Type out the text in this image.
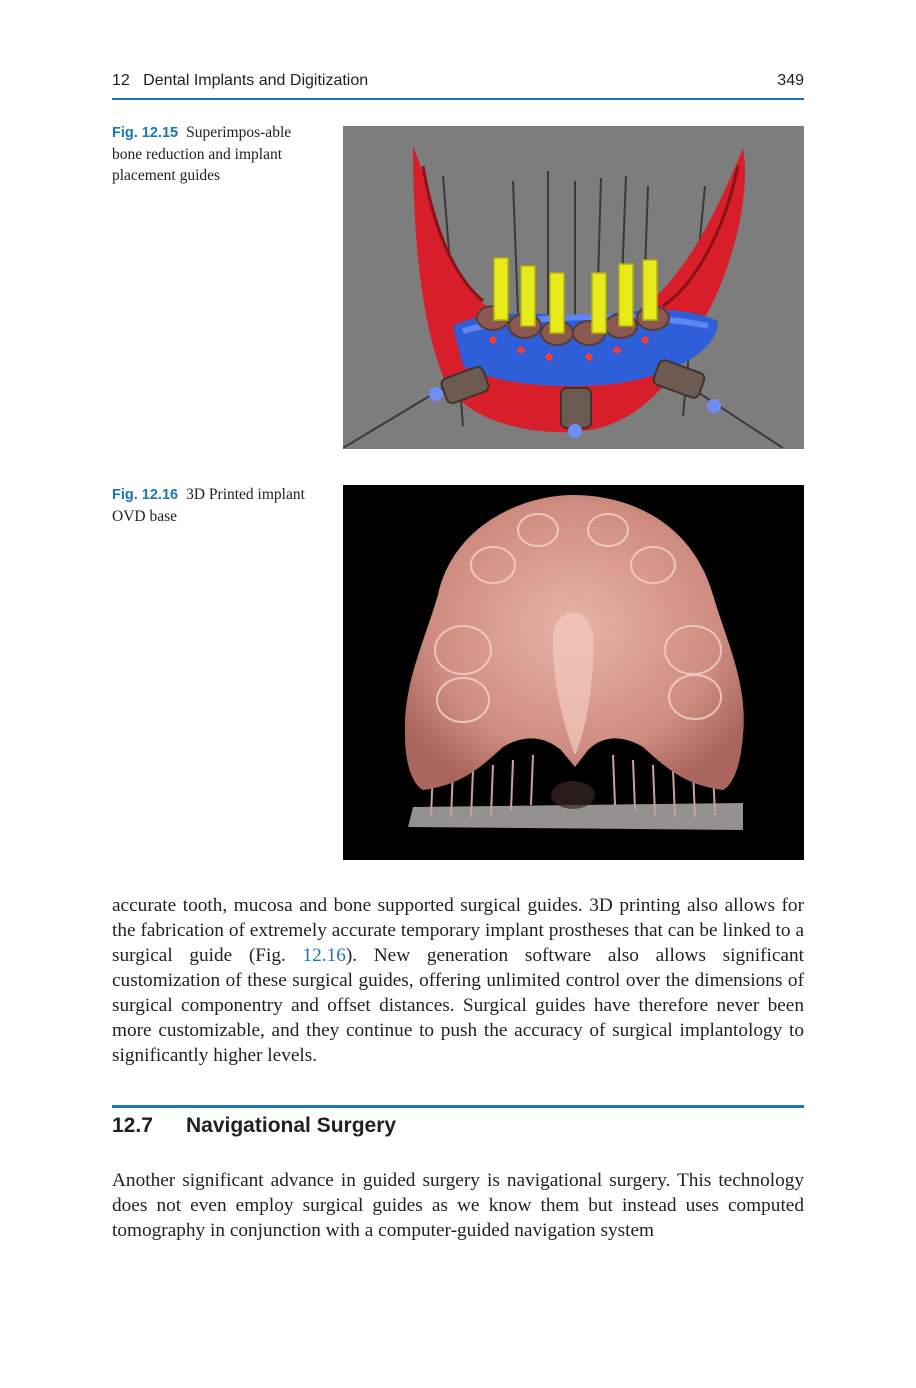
12   Dental Implants and Digitization	349
Fig. 12.15 Superimpos-able bone reduction and implant placement guides
Fig. 12.16 3D Printed implant OVD base

accurate tooth, mucosa and bone supported surgical guides. 3D printing also allows for the fabrication of extremely accurate temporary implant prostheses that can be linked to a surgical guide (Fig. 12.16). New generation software also allows significant customization of these surgical guides, offering unlimited control over the dimensions of surgical componentry and offset distances. Surgical guides have therefore never been more customizable, and they continue to push the accuracy of surgical implantology to significantly higher levels.

12.7 Navigational Surgery

Another significant advance in guided surgery is navigational surgery. This technology does not even employ surgical guides as we know them but instead uses computed tomography in conjunction with a computer-guided navigation system
